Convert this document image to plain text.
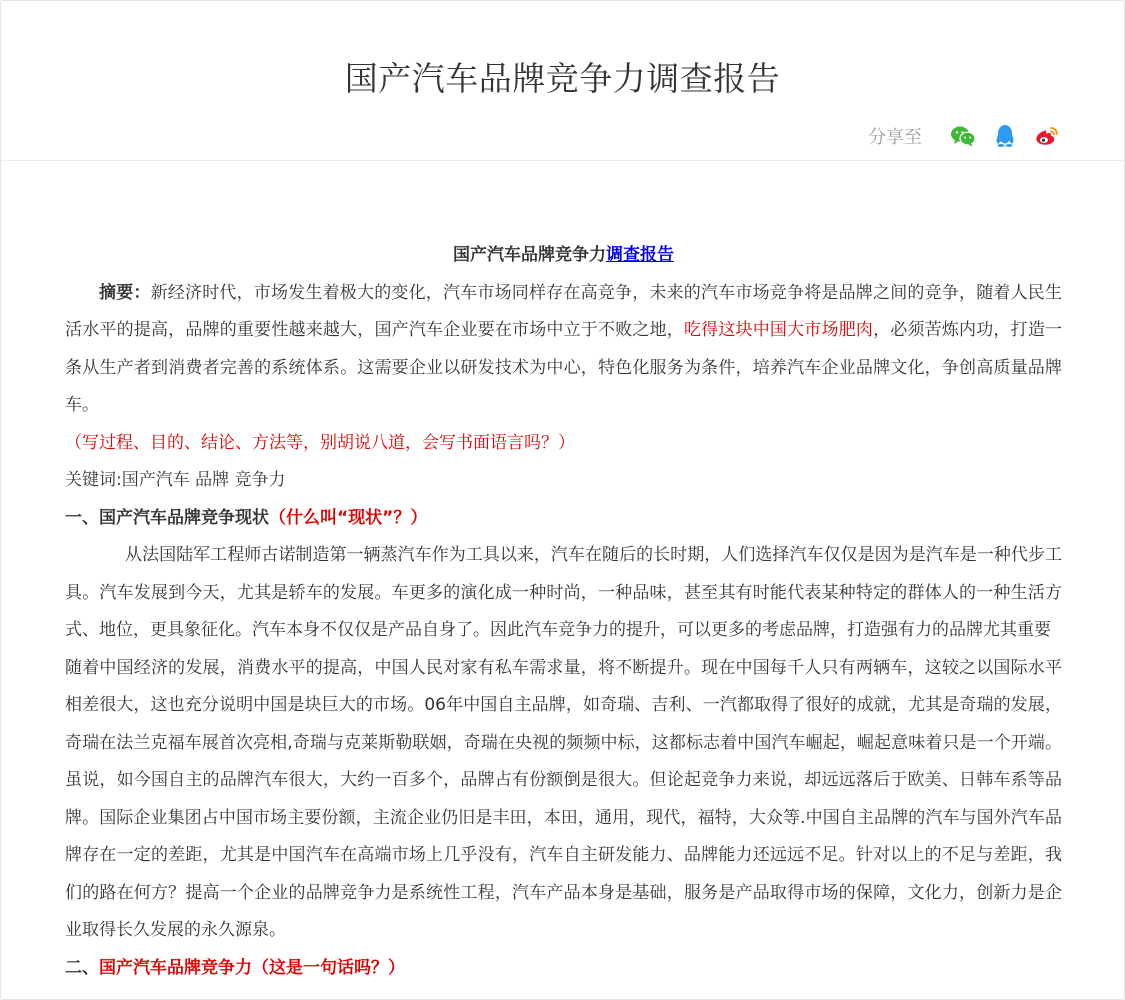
国产汽车品牌竞争力调查报告
分享至

国产汽车品牌竞争力调查报告

摘要：新经济时代，市场发生着极大的变化，汽车市场同样存在高竞争，未来的汽车市场竞争将是品牌之间的竞争，随着人民生活水平的提高，品牌的重要性越来越大，国产汽车企业要在市场中立于不败之地，吃得这块中国大市场肥肉，必须苦炼内功，打造一条从生产者到消费者完善的系统体系。这需要企业以研发技术为中心，特色化服务为条件，培养汽车企业品牌文化，争创高质量品牌车。

（写过程、目的、结论、方法等，别胡说八道，会写书面语言吗？）

关键词:国产汽车 品牌 竞争力

一、国产汽车品牌竞争现状（什么叫“现状”？）

从法国陆军工程师古诺制造第一辆蒸汽车作为工具以来，汽车在随后的长时期，人们选择汽车仅仅是因为是汽车是一种代步工具。汽车发展到今天，尤其是轿车的发展。车更多的演化成一种时尚，一种品味，甚至其有时能代表某种特定的群体人的一种生活方式、地位，更具象征化。汽车本身不仅仅是产品自身了。因此汽车竞争力的提升，可以更多的考虑品牌，打造强有力的品牌尤其重要

随着中国经济的发展，消费水平的提高，中国人民对家有私车需求量，将不断提升。现在中国每千人只有两辆车，这较之以国际水平相差很大，这也充分说明中国是块巨大的市场。06年中国自主品牌，如奇瑞、吉利、一汽都取得了很好的成就，尤其是奇瑞的发展，奇瑞在法兰克福车展首次亮相,奇瑞与克莱斯勒联姻，奇瑞在央视的频频中标，这都标志着中国汽车崛起，崛起意味着只是一个开端。虽说，如今国自主的品牌汽车很大，大约一百多个，品牌占有份额倒是很大。但论起竞争力来说，却远远落后于欧美、日韩车系等品牌。国际企业集团占中国市场主要份额，主流企业仍旧是丰田，本田，通用，现代，福特，大众等.中国自主品牌的汽车与国外汽车品牌存在一定的差距，尤其是中国汽车在高端市场上几乎没有，汽车自主研发能力、品牌能力还远远不足。针对以上的不足与差距，我们的路在何方？提高一个企业的品牌竞争力是系统性工程，汽车产品本身是基础，服务是产品取得市场的保障，文化力，创新力是企业取得长久发展的永久源泉。

二、国产汽车品牌竞争力（这是一句话吗？）
